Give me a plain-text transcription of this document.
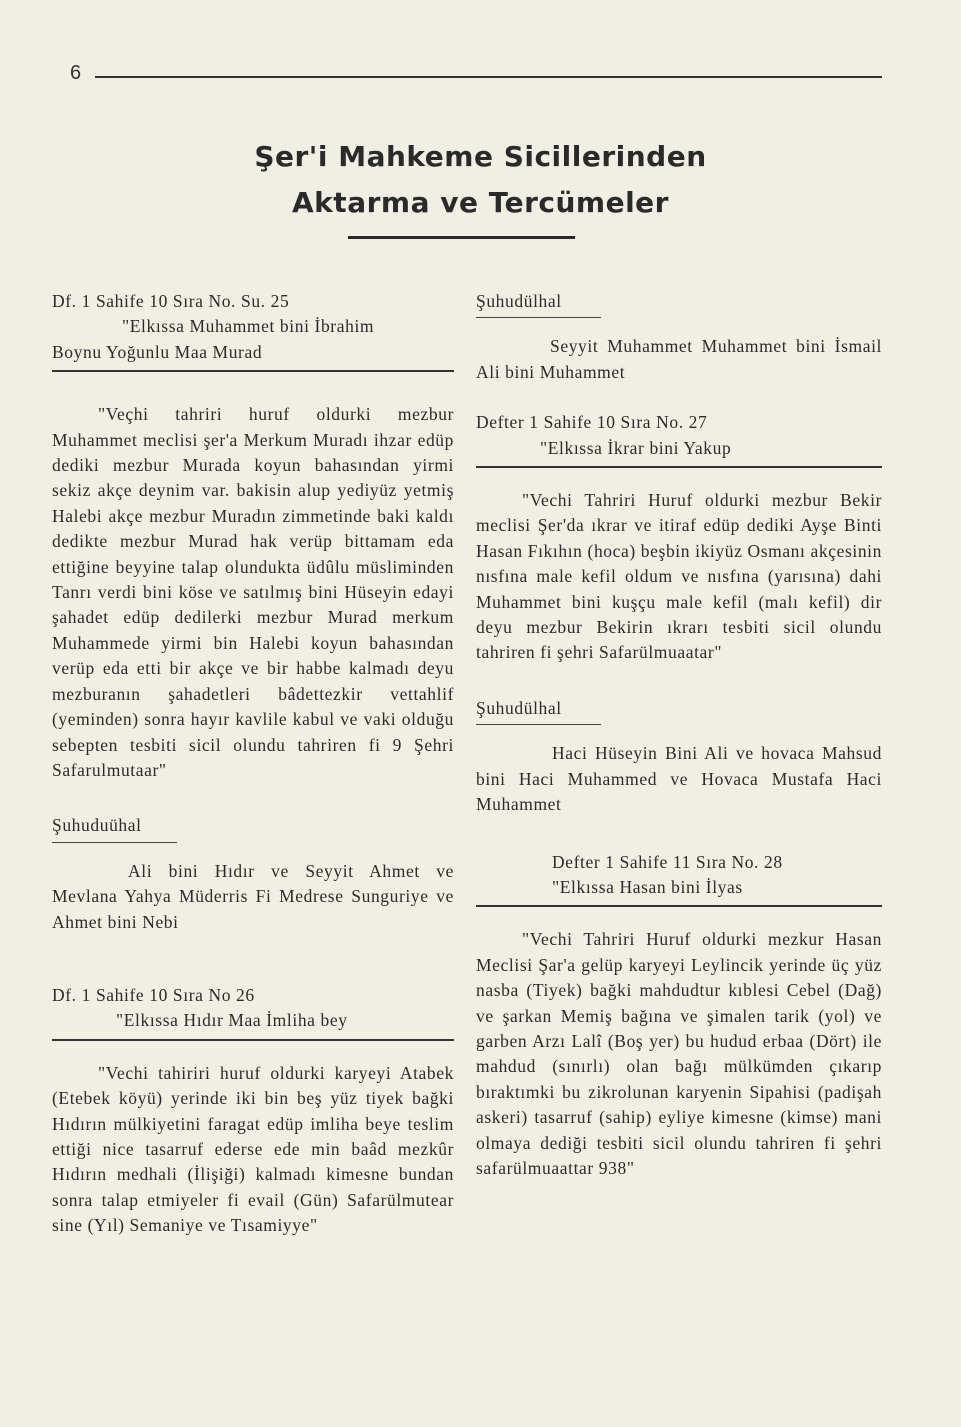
6
Şer'i Mahkeme Sicillerinden
Aktarma ve Tercümeler

Df. 1 Sahife 10 Sıra No. Su. 25

"Elkıssa Muhammet bini İbrahim

Boynu Yoğunlu Maa Murad

"Veçhi tahriri huruf oldurki mezbur Muhammet meclisi şer'a Merkum Muradı ihzar edüp dediki mezbur Murada koyun bahasından yirmi sekiz akçe deynim var. bakisin alup yediyüz yetmiş Halebi akçe mezbur Muradın zimmetinde baki kaldı dedikte mezbur Murad hak verüp bittamam eda ettiğine beyyine talap olundukta üdûlu müsliminden Tanrı verdi bini köse ve satılmış bini Hüseyin edayi şahadet edüp dedilerki mezbur Murad merkum Muhammede yirmi bin Halebi koyun bahasından verüp eda etti bir akçe ve bir habbe kalmadı deyu mezburanın şahadetleri bâdettezkir vettahlif (yeminden) sonra hayır kavlile kabul ve vaki olduğu sebepten tesbiti sicil olundu tahriren fi 9 Şehri Safarulmutaar"

Şuhuduühal

Ali bini Hıdır ve Seyyit Ahmet ve Mevlana Yahya Müderris Fi Medrese Sunguriye ve Ahmet bini Nebi

Df. 1 Sahife 10 Sıra No 26

"Elkıssa Hıdır Maa İmliha bey

"Vechi tahiriri huruf oldurki karyeyi Atabek (Etebek köyü) yerinde iki bin beş yüz tiyek bağki Hıdırın mülkiyetini faragat edüp imliha beye teslim ettiği nice tasarruf ederse ede min baâd mezkûr Hıdırın medhali (İlişiği) kalmadı kimesne bundan sonra talap etmiyeler fi evail (Gün) Safarülmutear sine (Yıl) Semaniye ve Tısamiyye"

Şuhudülhal

Seyyit Muhammet Muhammet bini İsmail Ali bini Muhammet

Defter 1 Sahife 10 Sıra No. 27

"Elkıssa İkrar bini Yakup

"Vechi Tahriri Huruf oldurki mezbur Bekir meclisi Şer'da ıkrar ve itiraf edüp dediki Ayşe Binti Hasan Fıkıhın (hoca) beşbin ikiyüz Osmanı akçesinin nısfına male kefil oldum ve nısfına (yarısına) dahi Muhammet bini kuşçu male kefil (malı kefil) dir deyu mezbur Bekirin ıkrarı tesbiti sicil olundu tahriren fi şehri Safarülmuaatar"

Şuhudülhal

Haci Hüseyin Bini Ali ve hovaca Mahsud bini Haci Muhammed ve Hovaca Mustafa Haci Muhammet

Defter 1 Sahife 11 Sıra No. 28

"Elkıssa Hasan bini İlyas

"Vechi Tahriri Huruf oldurki mezkur Hasan Meclisi Şar'a gelüp karyeyi Leylincik yerinde üç yüz nasba (Tiyek) bağki mahdudtur kıblesi Cebel (Dağ) ve şarkan Memiş bağına ve şimalen tarik (yol) ve garben Arzı Lalî (Boş yer) bu hudud erbaa (Dört) ile mahdud (sınırlı) olan bağı mülkümden çıkarıp bıraktımki bu zikrolunan karyenin Sipahisi (padişah askeri) tasarruf (sahip) eyliye kimesne (kimse) mani olmaya dediği tesbiti sicil olundu tahriren fi şehri safarülmuaattar 938"
